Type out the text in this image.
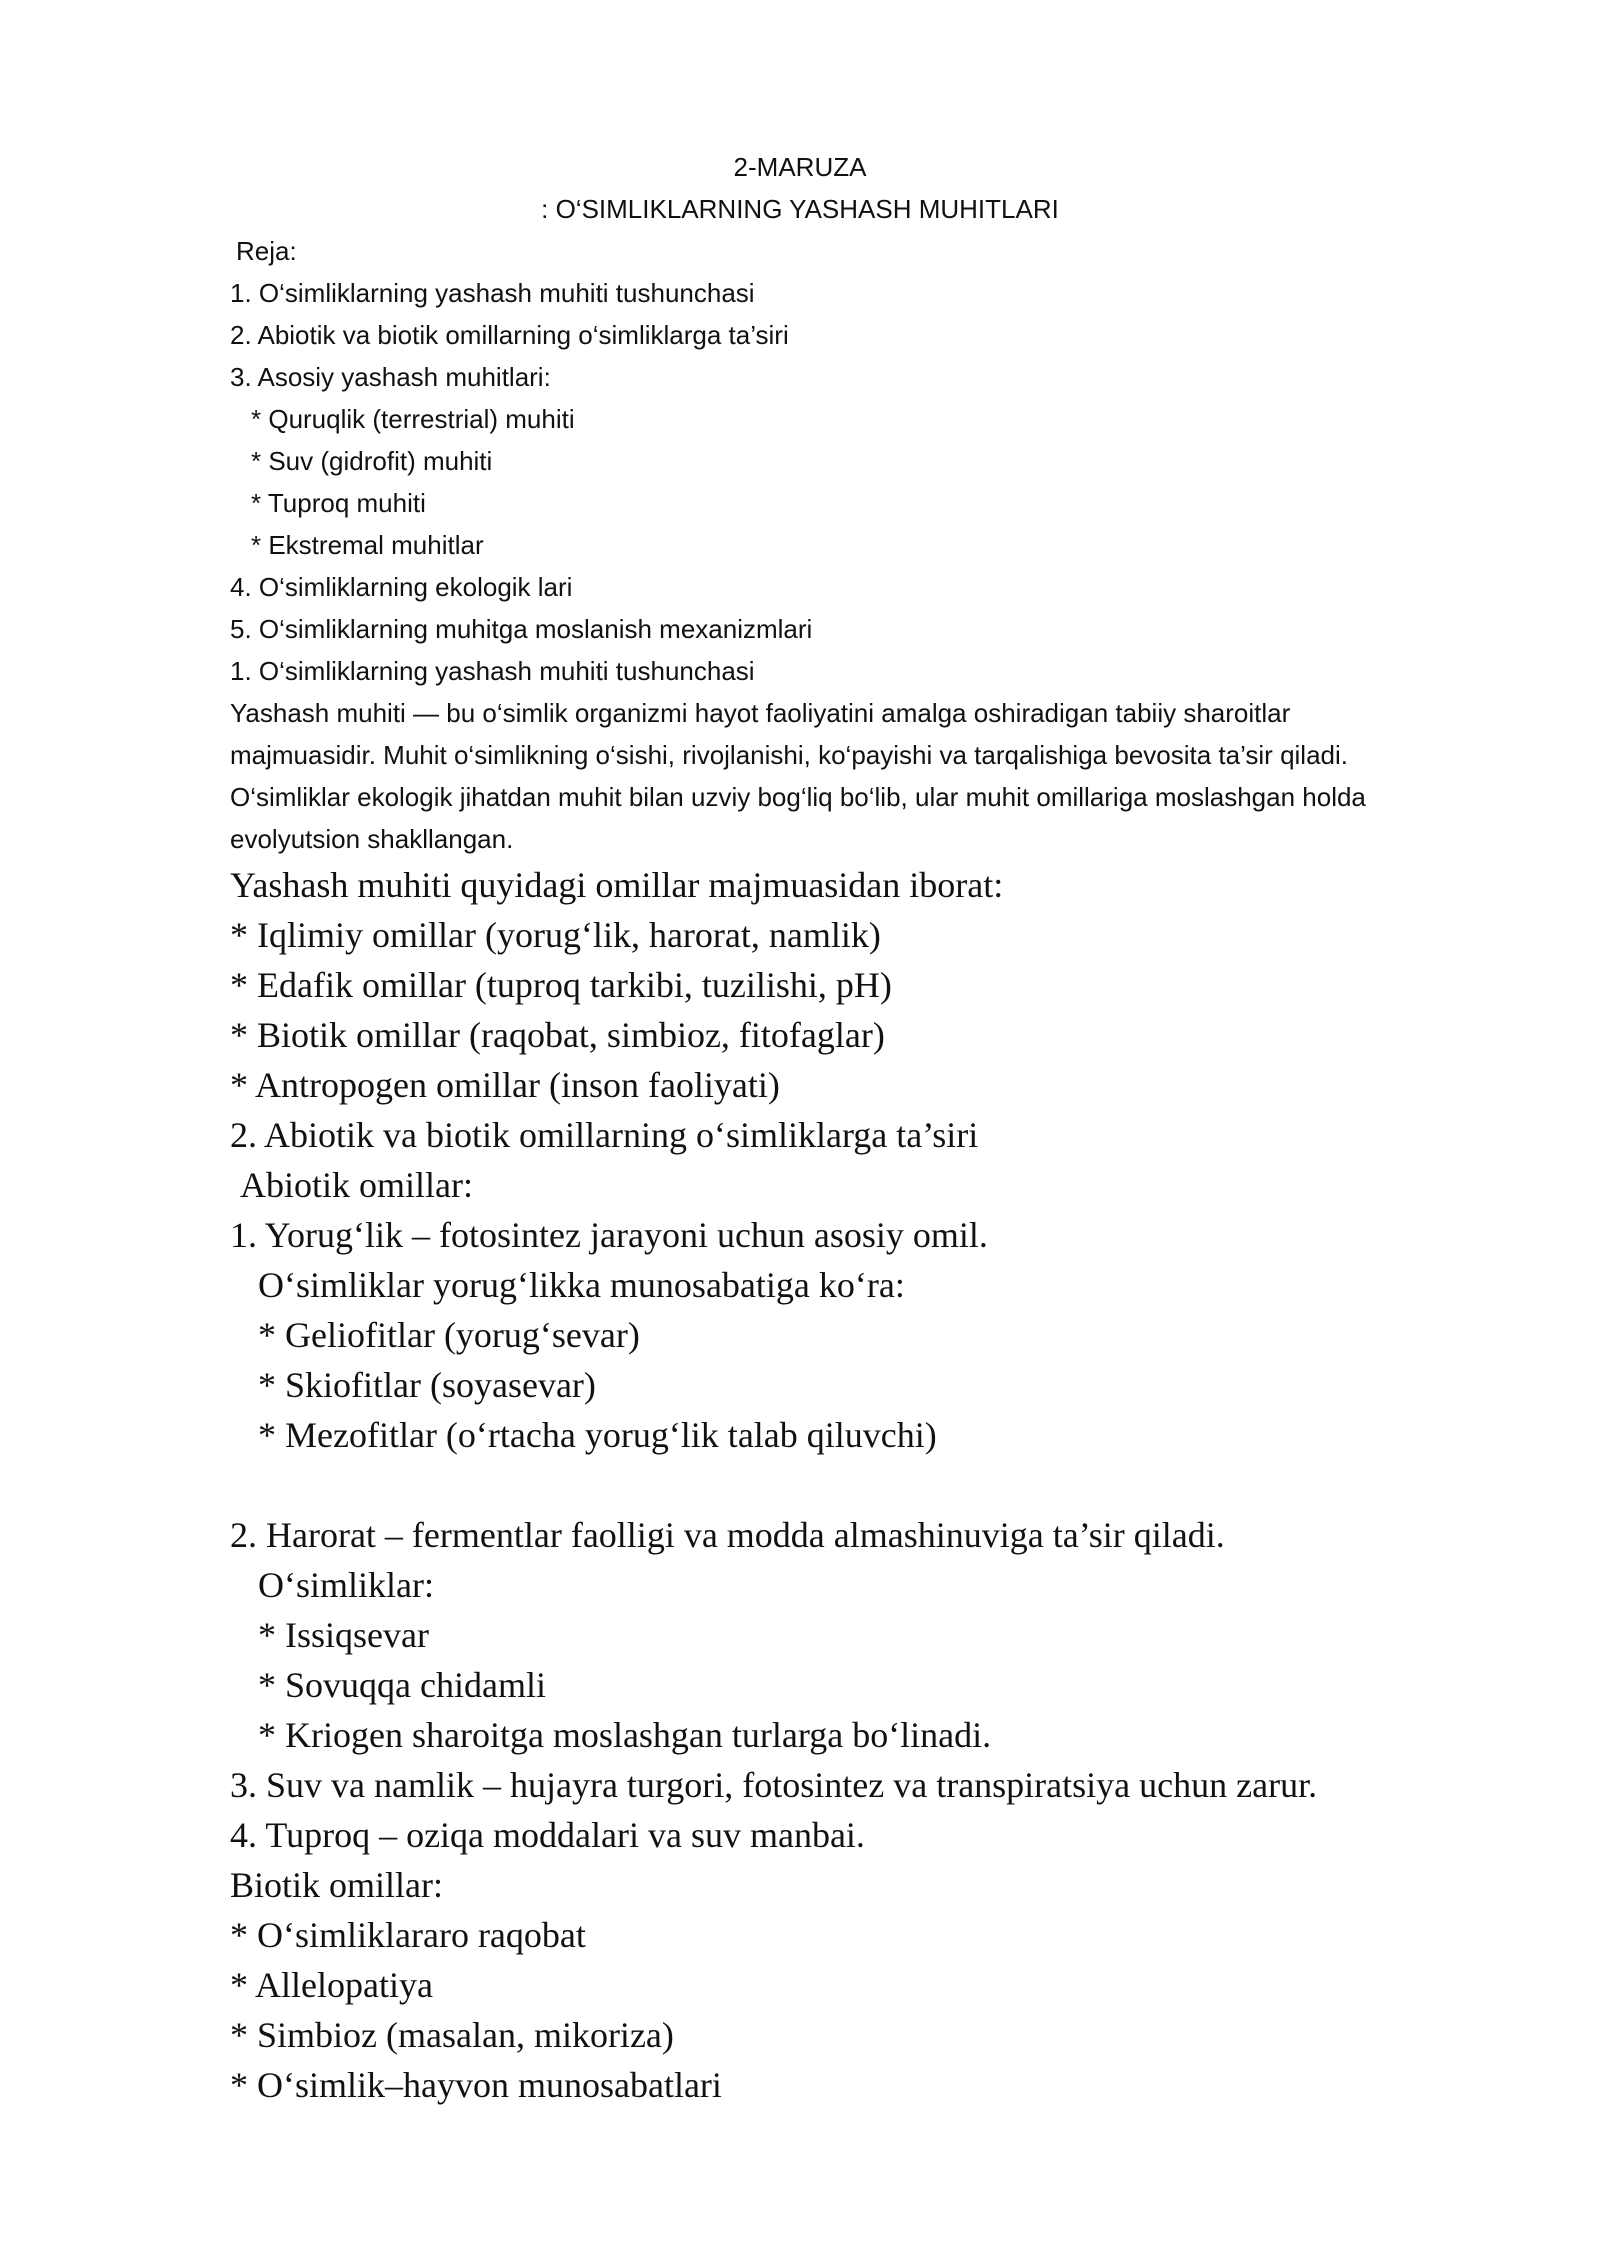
2-MARUZA
: O‘SIMLIKLARNING YASHASH MUHITLARI
Reja:
1. O‘simliklarning yashash muhiti tushunchasi
2. Abiotik va biotik omillarning o‘simliklarga ta’siri
3. Asosiy yashash muhitlari:
* Quruqlik (terrestrial) muhiti
* Suv (gidrofit) muhiti
* Tuproq muhiti
* Ekstremal muhitlar
4. O‘simliklarning ekologik lari
5. O‘simliklarning muhitga moslanish mexanizmlari
1. O‘simliklarning yashash muhiti tushunchasi
Yashash muhiti — bu o‘simlik organizmi hayot faoliyatini amalga oshiradigan tabiiy sharoitlar
majmuasidir. Muhit o‘simlikning o‘sishi, rivojlanishi, ko‘payishi va tarqalishiga bevosita ta’sir qiladi.
O‘simliklar ekologik jihatdan muhit bilan uzviy bog‘liq bo‘lib, ular muhit omillariga moslashgan holda
evolyutsion shakllangan.
Yashash muhiti quyidagi omillar majmuasidan iborat:
* Iqlimiy omillar (yorug‘lik, harorat, namlik)
* Edafik omillar (tuproq tarkibi, tuzilishi, pH)
* Biotik omillar (raqobat, simbioz, fitofaglar)
* Antropogen omillar (inson faoliyati)
2. Abiotik va biotik omillarning o‘simliklarga ta’siri
Abiotik omillar:
1. Yorug‘lik – fotosintez jarayoni uchun asosiy omil.
O‘simliklar yorug‘likka munosabatiga ko‘ra:
* Geliofitlar (yorug‘sevar)
* Skiofitlar (soyasevar)
* Mezofitlar (o‘rtacha yorug‘lik talab qiluvchi)
2. Harorat – fermentlar faolligi va modda almashinuviga ta’sir qiladi.
O‘simliklar:
* Issiqsevar
* Sovuqqa chidamli
* Kriogen sharoitga moslashgan turlarga bo‘linadi.
3. Suv va namlik – hujayra turgori, fotosintez va transpiratsiya uchun zarur.
4. Tuproq – oziqa moddalari va suv manbai.
Biotik omillar:
* O‘simliklararo raqobat
* Allelopatiya
* Simbioz (masalan, mikoriza)
* O‘simlik–hayvon munosabatlari
